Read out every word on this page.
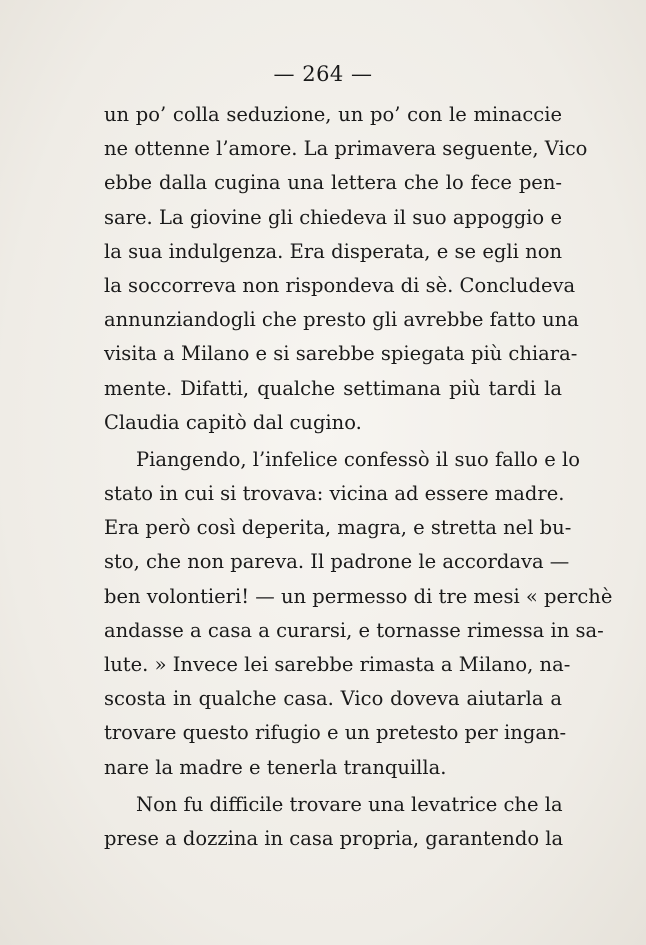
— 264 —
un po’ colla seduzione, un po’ con le minaccie
ne ottenne l’amore. La primavera seguente, Vico
ebbe dalla cugina una lettera che lo fece pen-
sare. La giovine gli chiedeva il suo appoggio e
la sua indulgenza. Era disperata, e se egli non
la soccorreva non rispondeva di sè. Concludeva
annunziandogli che presto gli avrebbe fatto una
visita a Milano e si sarebbe spiegata più chiara-
mente. Difatti, qualche settimana più tardi la
Claudia capitò dal cugino.
Piangendo, l’infelice confessò il suo fallo e lo
stato in cui si trovava: vicina ad essere madre.
Era però così deperita, magra, e stretta nel bu-
sto, che non pareva. Il padrone le accordava —
ben volontieri! — un permesso di tre mesi « perchè
andasse a casa a curarsi, e tornasse rimessa in sa-
lute. » Invece lei sarebbe rimasta a Milano, na-
scosta in qualche casa. Vico doveva aiutarla a
trovare questo rifugio e un pretesto per ingan-
nare la madre e tenerla tranquilla.
Non fu difficile trovare una levatrice che la
prese a dozzina in casa propria, garantendo la
